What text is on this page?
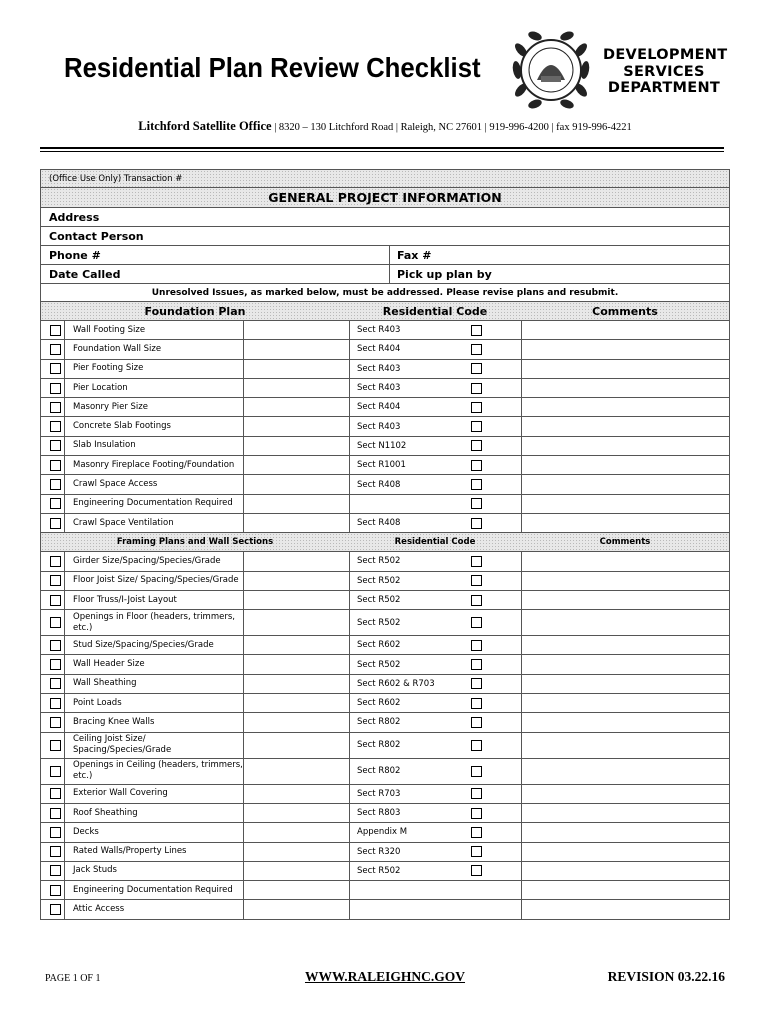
Residential Plan Review Checklist	DEVELOPMENT
SERVICES
DEPARTMENT
Litchford Satellite Office | 8320 – 130 Litchford Road | Raleigh, NC 27601 | 919-996-4200 | fax 919-996-4221
(Office Use Only) Transaction #
GENERAL PROJECT INFORMATION
Address
Contact Person
Phone #	Fax #
Date Called	Pick up plan by
Unresolved Issues, as marked below, must be addressed. Please revise plans and resubmit.
Foundation Plan	Residential Code	Comments
Wall Footing Size	Sect R403
Foundation Wall Size	Sect R404
Pier Footing Size	Sect R403
Pier Location	Sect R403
Masonry Pier Size	Sect R404
Concrete Slab Footings	Sect R403
Slab Insulation	Sect N1102
Masonry Fireplace Footing/Foundation	Sect R1001
Crawl Space Access	Sect R408
Engineering Documentation Required
Crawl Space Ventilation	Sect R408
Framing Plans and Wall Sections	Residential Code	Comments
Girder Size/Spacing/Species/Grade	Sect R502
Floor Joist Size/ Spacing/Species/Grade	Sect R502
Floor Truss/I-Joist Layout	Sect R502
Openings in Floor (headers, trimmers, etc.)	Sect R502
Stud Size/Spacing/Species/Grade	Sect R602
Wall Header Size	Sect R502
Wall Sheathing	Sect R602 & R703
Point Loads	Sect R602
Bracing Knee Walls	Sect R802
Ceiling Joist Size/ Spacing/Species/Grade	Sect R802
Openings in Ceiling (headers, trimmers, etc.)	Sect R802
Exterior Wall Covering	Sect R703
Roof Sheathing	Sect R803
Decks	Appendix M
Rated Walls/Property Lines	Sect R320
Jack Studs	Sect R502
Engineering Documentation Required
Attic Access
PAGE 1 OF 1	WWW.RALEIGHNC.GOV	REVISION 03.22.16
